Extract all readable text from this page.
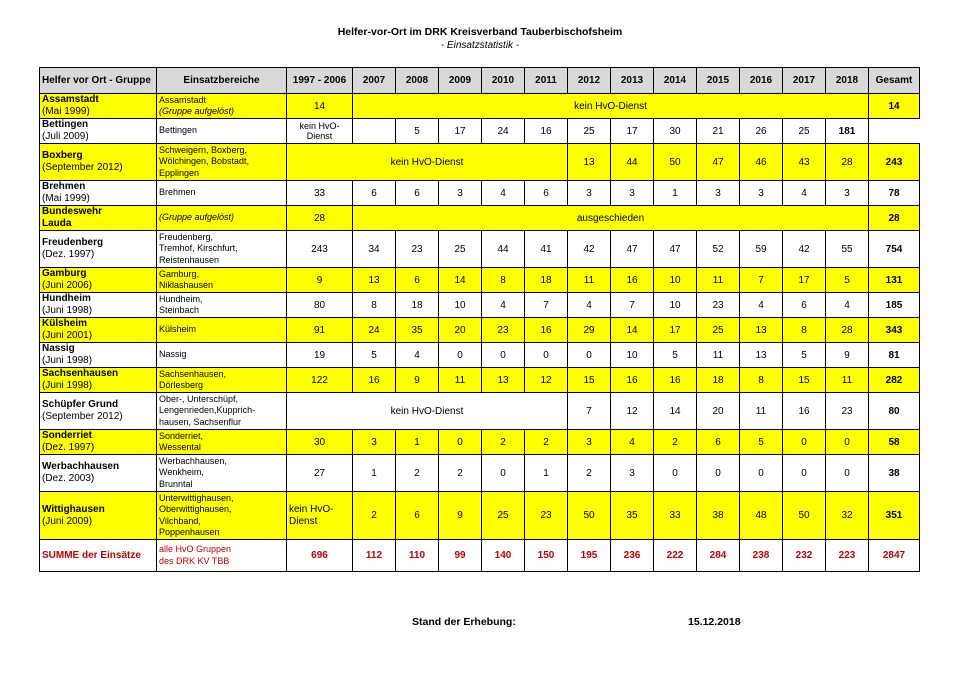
Helfer-vor-Ort im DRK Kreisverband Tauberbischofsheim
- Einsatzstatistik -
Helfer vor Ort - Gruppe	Einsatzbereiche	1997 - 2006	2007	2008	2009	2010	2011	2012	2013	2014	2015	2016	2017	2018	Gesamt

Assamstadt
(Mai 1999)	Assamstadt
(Gruppe aufgelöst)	14	kein HvO-Dienst												14

Bettingen
(Juli 2009)	Bettingen	kein HvO-Dienst		5	17	24	16	25	17	30	21	26	25	181	

Boxberg
(September 2012)	Schweigern, Boxberg,
Wölchingen, Bobstadt,
Epplingen	kein HvO-Dienst						13	44	50	47	46	43	28	243

Brehmen
(Mai 1999)	Brehmen	33	6	6	3	4	6	3	3	1	3	3	4	3	78

Bundeswehr
Lauda	(Gruppe aufgelöst)	28	ausgeschieden												28

Freudenberg
(Dez. 1997)	Freudenberg,
Tremhof, Kirschfurt,
Reistenhausen	243	34	23	25	44	41	42	47	47	52	59	42	55	754

Gamburg
(Juni 2006)	Gamburg,
Niklashausen	9	13	6	14	8	18	11	16	10	11	7	17	5	131

Hundheim
(Juni 1998)	Hundheim,
Steinbach	80	8	18	10	4	7	4	7	10	23	4	6	4	185

Külsheim
(Juni 2001)	Külsheim	91	24	35	20	23	16	29	14	17	25	13	8	28	343

Nassig
(Juni 1998)	Nassig	19	5	4	0	0	0	0	10	5	11	13	5	9	81

Sachsenhausen
(Juni 1998)	Sachsenhausen,
Dörlesberg	122	16	9	11	13	12	15	16	16	18	8	15	11	282

Schüpfer Grund
(September 2012)	Ober-, Unterschüpf,
Lengenrieden,Kupprich-
hausen, Sachsenflur	kein HvO-Dienst						7	12	14	20	11	16	23	80

Sonderriet
(Dez. 1997)	Sonderriet,
Wessental	30	3	1	0	2	2	3	4	2	6	5	0	0	58

Werbachhausen
(Dez. 2003)	Werbachhausen,
Wenkheim,
Brunntal	27	1	2	2	0	1	2	3	0	0	0	0	0	38

Wittighausen
(Juni 2009)	Unterwittighausen,
Oberwittighausen,
Vilchband,
Poppenhausen	kein HvO-Dienst	2	6	9	25	23	50	35	33	38	48	50	32	351
SUMME der Einsätze	alle HvO Gruppen
des DRK KV TBB	696	112	110	99	140	150	195	236	222	284	238	232	223	2847
Stand der Erhebung:	15.12.2018
